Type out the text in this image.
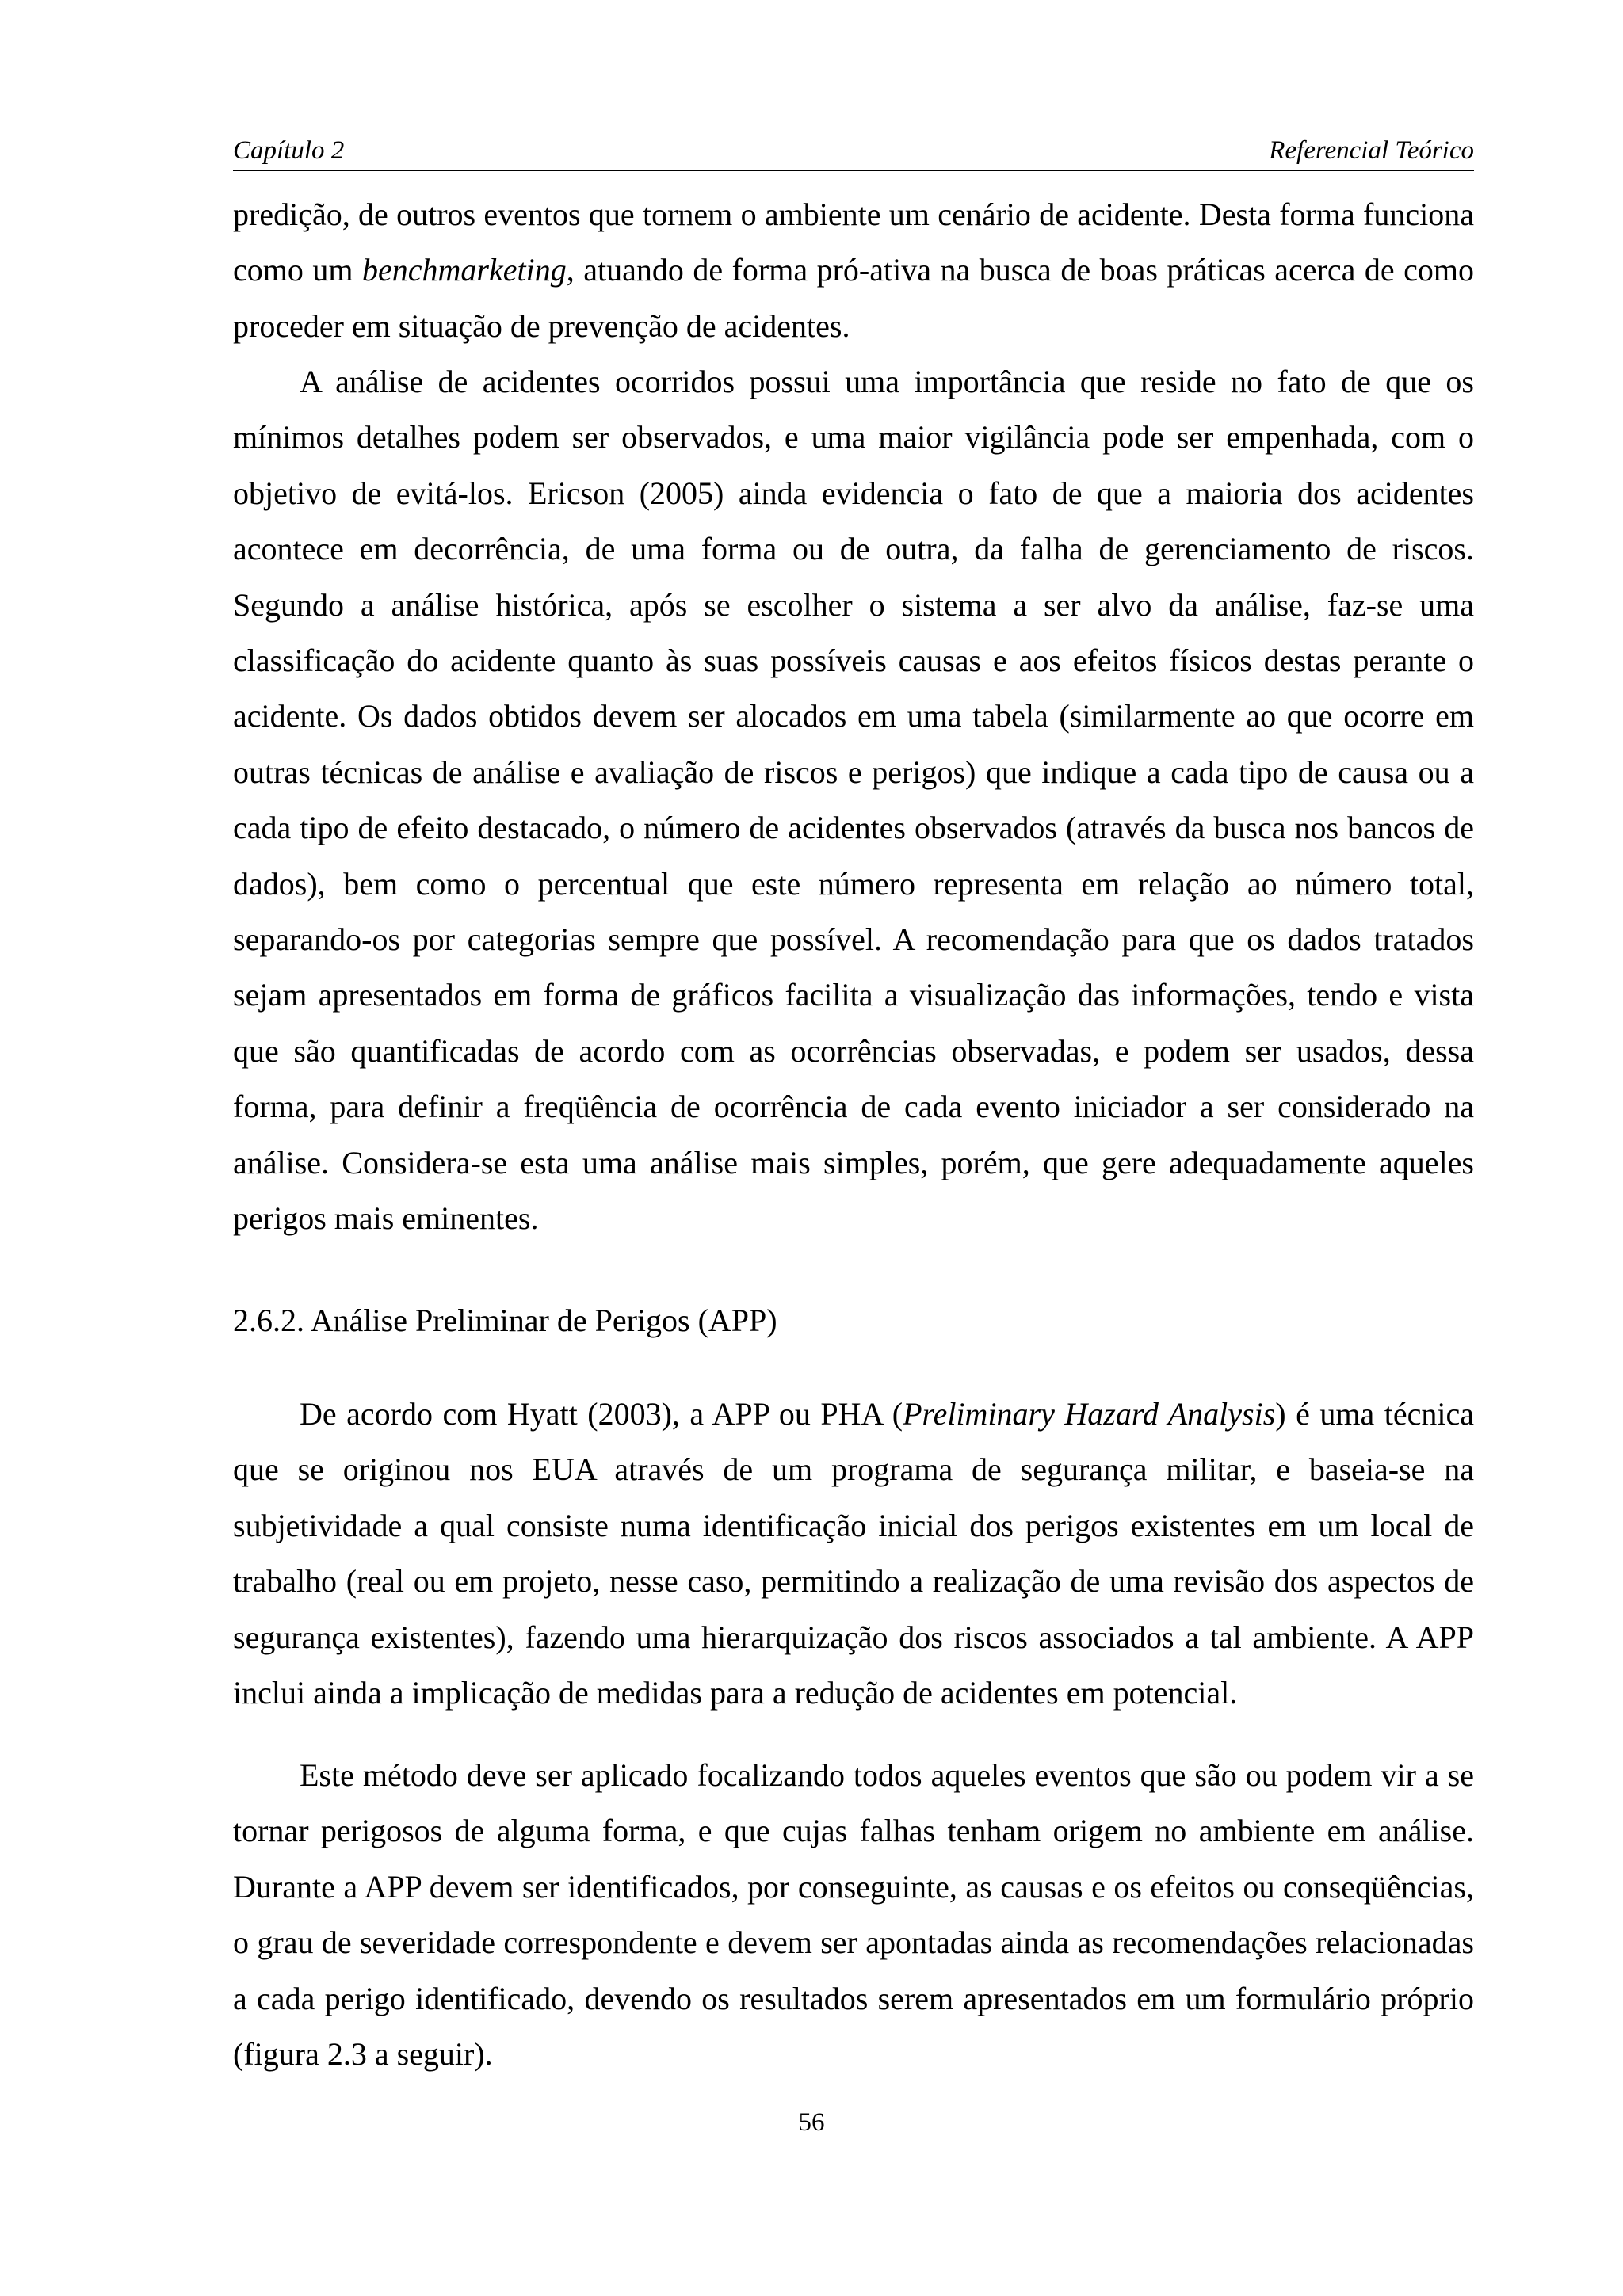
Capítulo 2	Referencial Teórico

predição, de outros eventos que tornem o ambiente um cenário de acidente. Desta forma funciona como um benchmarketing, atuando de forma pró-ativa na busca de boas práticas acerca de como proceder em situação de prevenção de acidentes.

A análise de acidentes ocorridos possui uma importância que reside no fato de que os mínimos detalhes podem ser observados, e uma maior vigilância pode ser empenhada, com o objetivo de evitá-los. Ericson (2005) ainda evidencia o fato de que a maioria dos acidentes acontece em decorrência, de uma forma ou de outra, da falha de gerenciamento de riscos. Segundo a análise histórica, após se escolher o sistema a ser alvo da análise, faz-se uma classificação do acidente quanto às suas possíveis causas e aos efeitos físicos destas perante o acidente. Os dados obtidos devem ser alocados em uma tabela (similarmente ao que ocorre em outras técnicas de análise e avaliação de riscos e perigos) que indique a cada tipo de causa ou a cada tipo de efeito destacado, o número de acidentes observados (através da busca nos bancos de dados), bem como o percentual que este número representa em relação ao número total, separando-os por categorias sempre que possível. A recomendação para que os dados tratados sejam apresentados em forma de gráficos facilita a visualização das informações, tendo e vista que são quantificadas de acordo com as ocorrências observadas, e podem ser usados, dessa forma, para definir a freqüência de ocorrência de cada evento iniciador a ser considerado na análise. Considera-se esta uma análise mais simples, porém, que gere adequadamente aqueles perigos mais eminentes.

2.6.2. Análise Preliminar de Perigos (APP)

De acordo com Hyatt (2003), a APP ou PHA (Preliminary Hazard Analysis) é uma técnica que se originou nos EUA através de um programa de segurança militar, e baseia-se na subjetividade a qual consiste numa identificação inicial dos perigos existentes em um local de trabalho (real ou em projeto, nesse caso, permitindo a realização de uma revisão dos aspectos de segurança existentes), fazendo uma hierarquização dos riscos associados a tal ambiente. A APP inclui ainda a implicação de medidas para a redução de acidentes em potencial.

Este método deve ser aplicado focalizando todos aqueles eventos que são ou podem vir a se tornar perigosos de alguma forma, e que cujas falhas tenham origem no ambiente em análise. Durante a APP devem ser identificados, por conseguinte, as causas e os efeitos ou conseqüências, o grau de severidade correspondente e devem ser apontadas ainda as recomendações relacionadas a cada perigo identificado, devendo os resultados serem apresentados em um formulário próprio (figura 2.3 a seguir).

56
